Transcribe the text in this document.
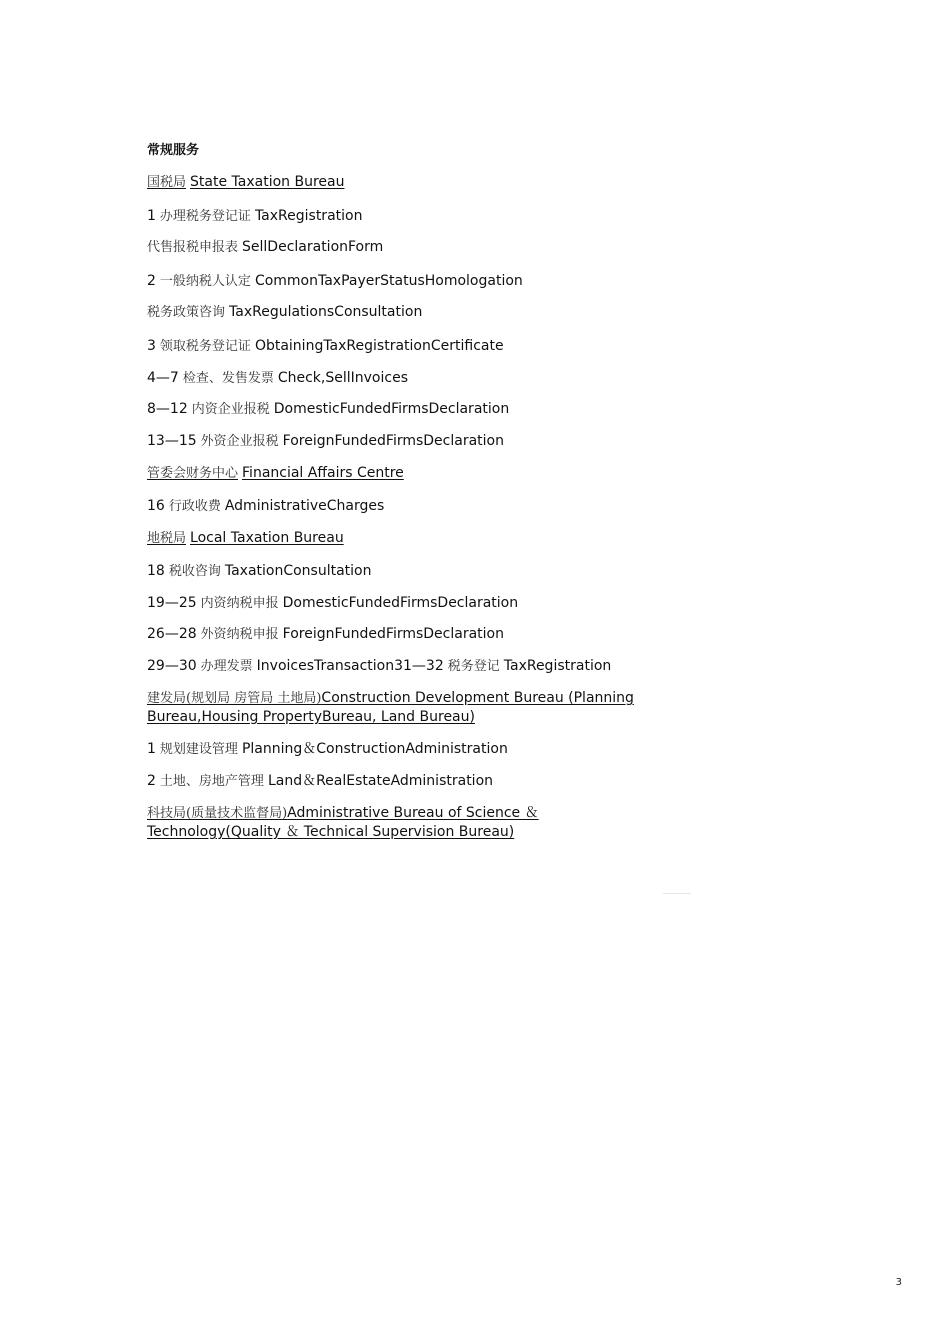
常规服务
国税局 State Taxation Bureau
1 办理税务登记证 TaxRegistration
代售报税申报表 SellDeclarationForm
2 一般纳税人认定 CommonTaxPayerStatusHomologation
税务政策咨询 TaxRegulationsConsultation
3 领取税务登记证 ObtainingTaxRegistrationCertificate
4—7 检查、发售发票 Check,SellInvoices
8—12 内资企业报税 DomesticFundedFirmsDeclaration
13—15 外资企业报税 ForeignFundedFirmsDeclaration
管委会财务中心 Financial Affairs Centre
16 行政收费 AdministrativeCharges
地税局 Local Taxation Bureau
18 税收咨询 TaxationConsultation
19—25 内资纳税申报 DomesticFundedFirmsDeclaration
26—28 外资纳税申报 ForeignFundedFirmsDeclaration
29—30 办理发票 InvoicesTransaction31—32 税务登记 TaxRegistration
建发局(规划局 房管局 土地局)Construction Development Bureau (Planning Bureau,Housing PropertyBureau, Land Bureau)
1 规划建设管理 Planning＆ConstructionAdministration
2 土地、房地产管理 Land＆RealEstateAdministration
科技局(质量技术监督局)Administrative Bureau of Science ＆ Technology(Quality ＆ Technical Supervision Bureau)
3
